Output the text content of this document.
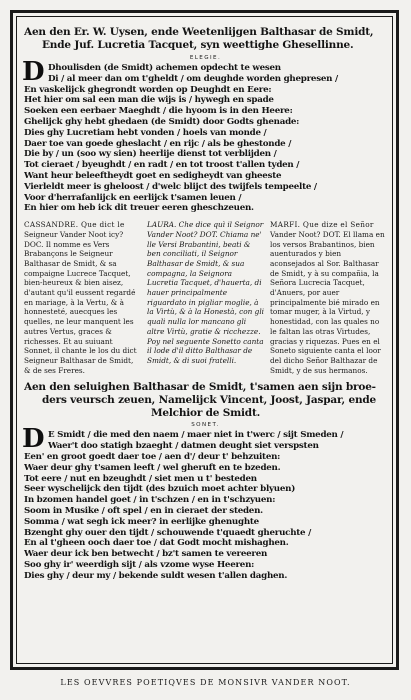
Aen den Er. W. Uysen, ende Weetenlijgen Balthasar de Smidt,
Ende Juf. Lucretia Tacquet, syn weettighe Ghesellinne.
ELEGIE.
D Dhoulisden (de Smidt) achemen opdecht te wesen
Di / al meer dan om t'gheldt / om deughde worden ghepresen /
En vaskelijck ghegrondt worden op Deughdt en Eere:
Het hier om sal een man die wijs is / hywegh en spade
Soeken een eerbaer Maeghdt / die hyoom is in den Heere:
Ghelijck ghy hebt ghedaen (de Smidt) door Godts ghenade:
Dies ghy Lucretiam hebt vonden / hoels van monde /
Daer toe van goede gheslacht / en rijc / als be ghestonde /
Die by / un (soo wy sien) heerlije dienst tot verblijden /
Tot cieraet / byeughdt / en radt / en tot troost t'allen tyden /
Want heur beleeftheydt goet en sedigheydt van gheeste
Vierleldt meer is gheloost / d'welc blijct des twijfels tempeelte /
Voor d'herrafanlijck en eerlijck t'samen leuen /
En hier om heb ick dit treuer eeren gheschzeuen.

CASSANDRE. Que dict le Seigneur Vander Noot icy? DOC. Il nomme es Vers Brabançons le Seigneur Balthasar de Smidt, & sa compaigne Lucrece Tacquet, bien-heureux & bien aisez, d'autant qu'il eussent regardé en mariage, à la Vertu, & à honnesteté, auecques les quelles, ne leur manquent les autres Vertus, graces & richesses. Et au suiuant Sonnet, il chante le los du dict Seigneur Balthasar de Smidt, & de ses Freres.

LAURA. Che dice quì il Seignor Vander Noot? DOT. Chiama ne' lle Versi Brabantini, beati & ben conciliati, il Seignor Balthasar de Smidt, & sua compagna, la Seignora Lucretia Tacquet, d'hauerta, di hauer principalmente riguardato in pigliar moglie, à la Virtù, & à la Honestà, con gli quali nulla lor mancano gli altre Virtù, gratie & ricchezze. Poy nel seguente Sonetto canta il lode d'il ditto Balthasar de Smidt, & di suoi fratelli.

MARFI. Que dize el Señor Vander Noot? DOT. El llama en los versos Brabantinos, bien auenturados y bien aconsejados al Sor. Balthasar de Smidt, y à su compañia, la Señora Lucrecia Tacquet, d'Anuers, por auer principalmente bié mirado en tomar muger, à la Virtud, y honestidad, con las quales no le faltan las otras Virtudes, gracias y riquezas. Pues en el Soneto siguiente canta el loor del dicho Señor Balthazar de Smidt, y de sus hermanos.

Aen den seluighen Balthasar de Smidt, t'samen aen sijn broe-
ders veursch zeuen, Namelijck Vincent, Joost, Jaspar, ende
Melchior de Smidt.
SONET.
D E Smidt / die med den naem / maer niet in t'werc / sijt Smeden /
Waer't doo statigh bzaeght / datmen deught siet verspsten
Een' en groot goedt daer toe / aen d'/ deur t' behzuiten:
Waer deur ghy t'samen leeft / wel gheruft en te bzeden.
Tot eere / nut en bzeughdt / siet men u t' besteden
Seer wyschelijck den tijdt (des bzuich moet achter blyuen)
In bzomen handel goet / in t'schzen / en in t'schzyuen:
Soom in Musike / oft spel / en in cieraet der steden.
Somma / wat segh ick meer? in eerlijke ghenughte
Bzenght ghy ouer den tijdt / schouwende t'quaedt gheruchte /
En al t'gheen ooch daer toe / dat Godt mocht mishaghen.
Waer deur ick ben betwecht / bz't samen te vereeren
Soo ghy ir' weerdigh sijt / als vzome wyse Heeren:
Dies ghy / deur my / bekende suldt wesen t'allen daghen.
LES OEVVRES POETIQVES DE MONSIVR VANDER NOOT.
